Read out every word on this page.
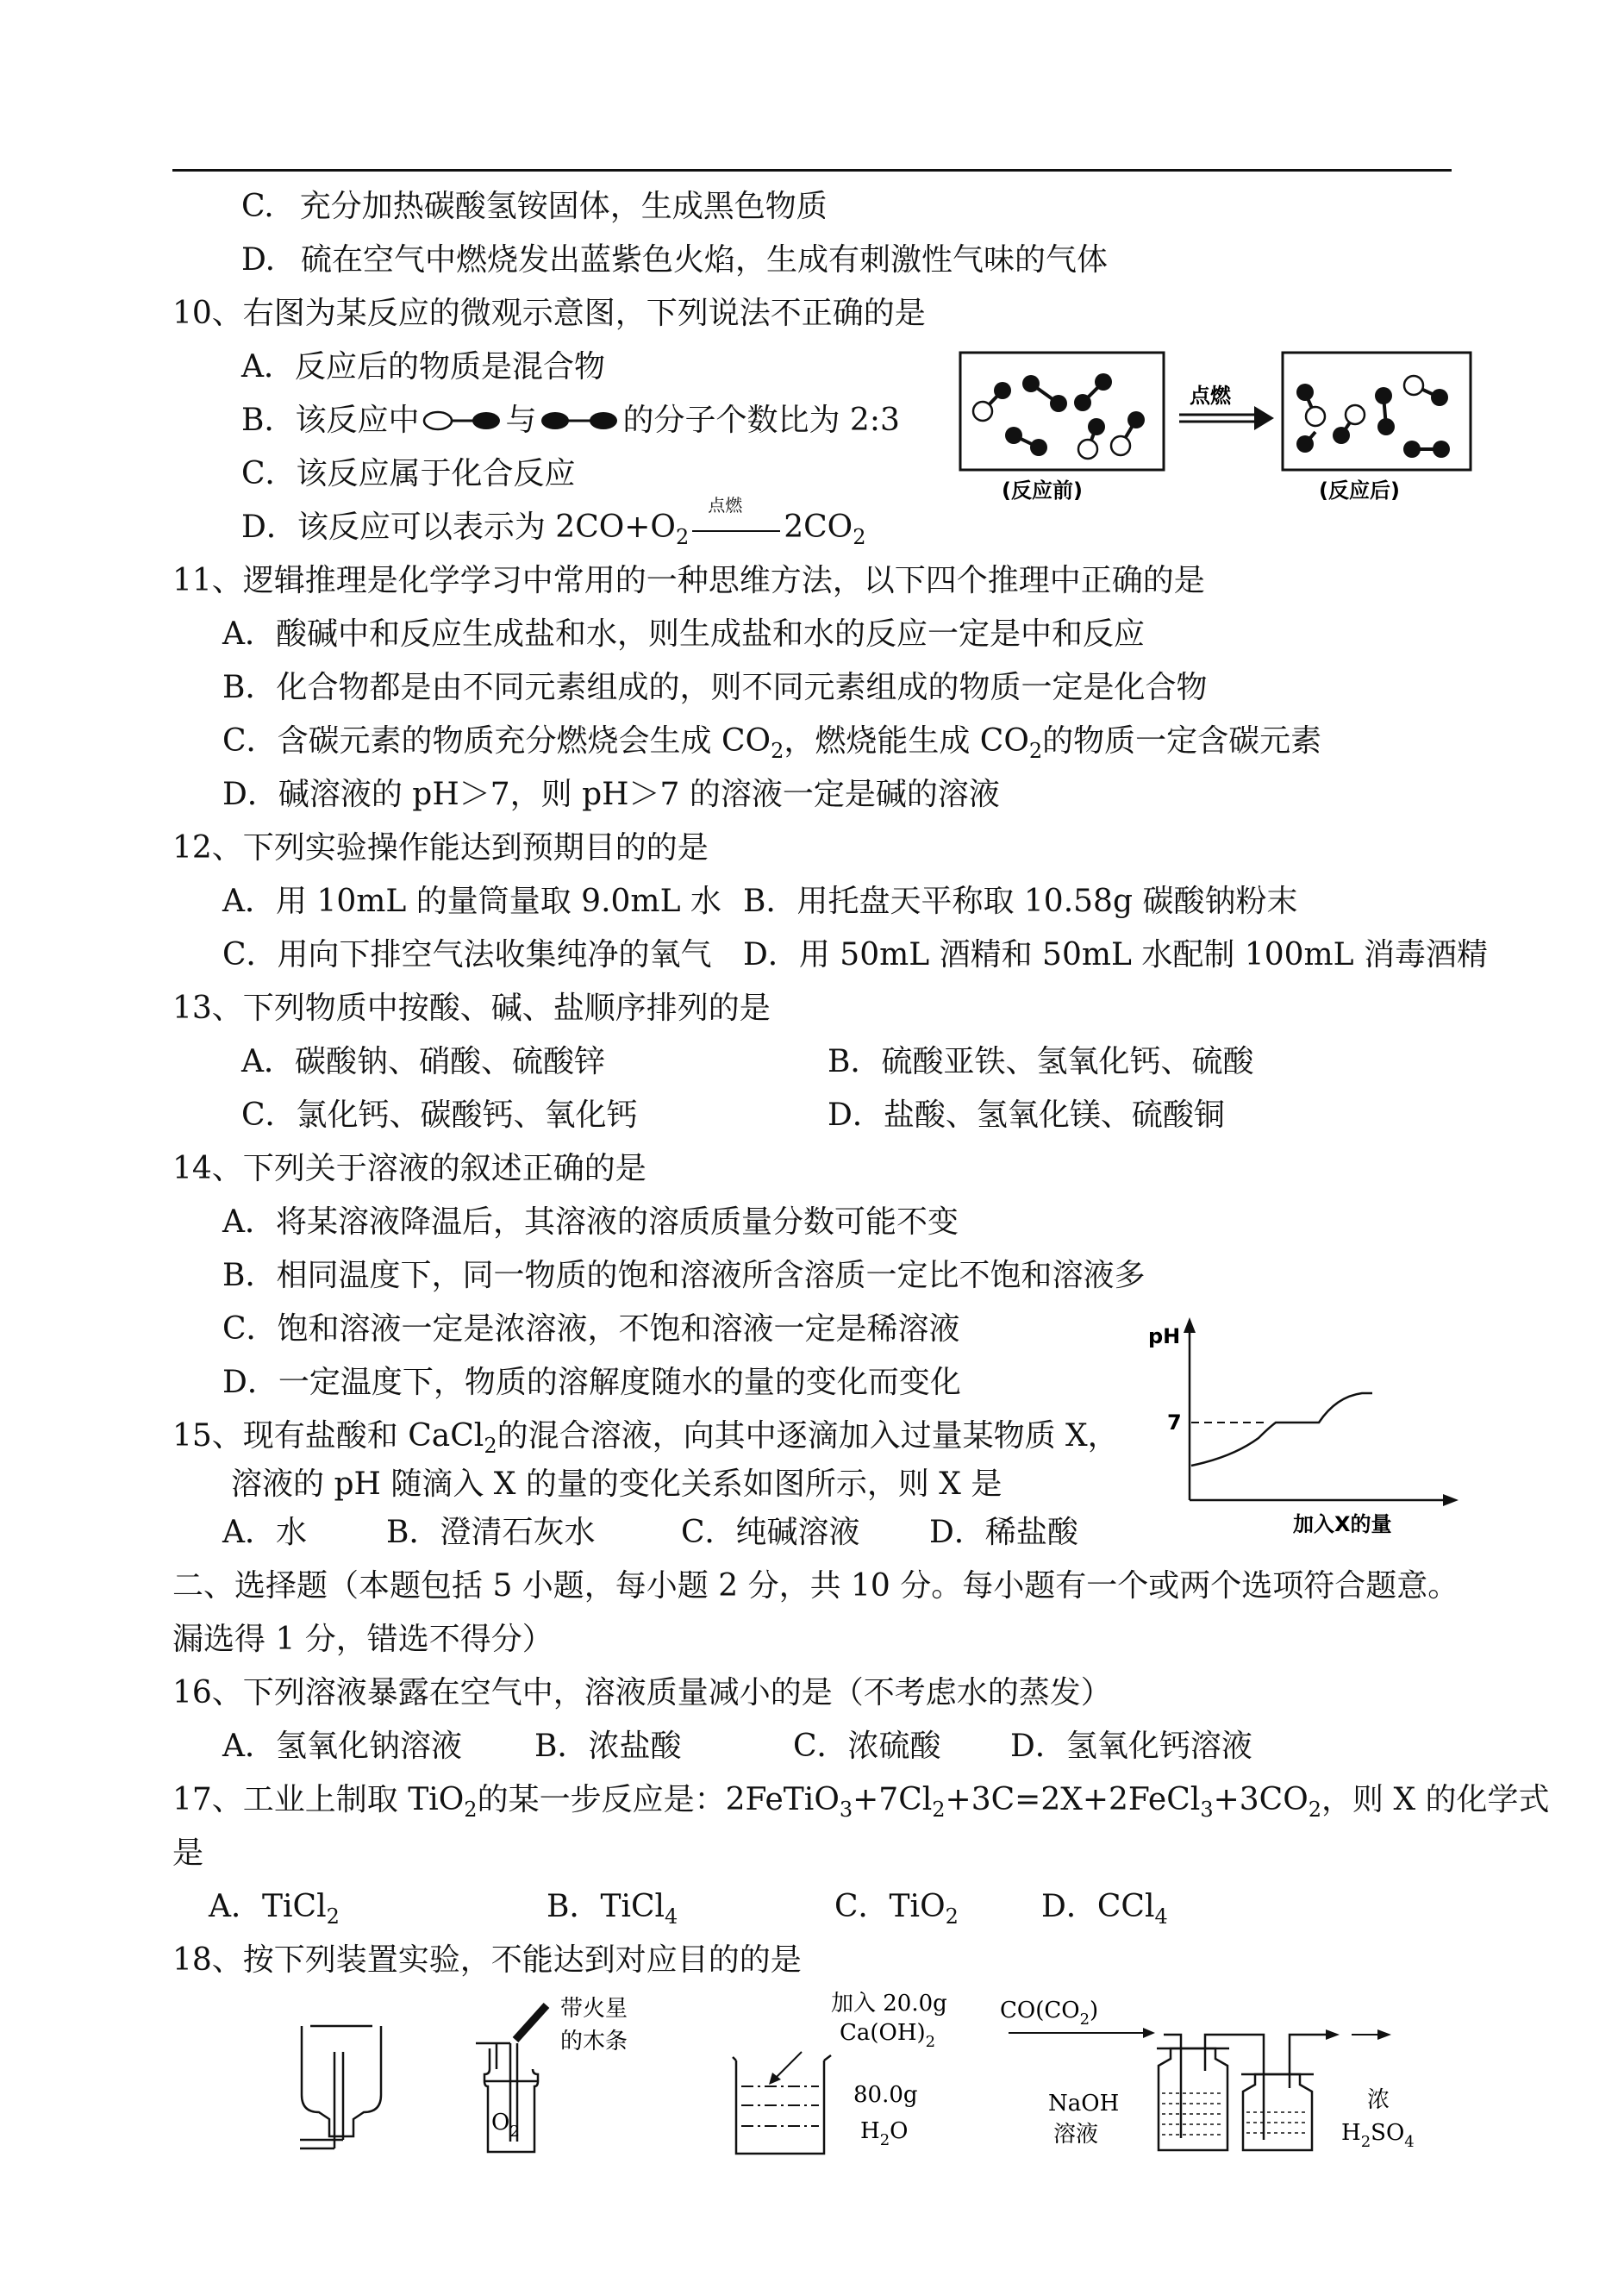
C. 充分加热碳酸氢铵固体，生成黑色物质
D. 硫在空气中燃烧发出蓝紫色火焰，生成有刺激性气味的气体
10、右图为某反应的微观示意图，下列说法不正确的是
A．反应后的物质是混合物
B．该反应中	与	的分子个数比为 2:3
C．该反应属于化合反应
D．该反应可以表示为 $2CO+O_2$
点燃
$2CO_2$
(反应前)
点燃
(反应后)
11、逻辑推理是化学学习中常用的一种思维方法，以下四个推理中正确的是
A．酸碱中和反应生成盐和水，则生成盐和水的反应一定是中和反应
B．化合物都是由不同元素组成的，则不同元素组成的物质一定是化合物
C．含碳元素的物质充分燃烧会生成 $CO_2$，燃烧能生成 $CO_2$的物质一定含碳元素
D．碱溶液的 pH＞7，则 pH＞7 的溶液一定是碱的溶液
12、下列实验操作能达到预期目的的是
A．用 10mL 的量筒量取 9.0mL 水 B．用托盘天平称取 10.58g 碳酸钠粉末
C．用向下排空气法收集纯净的氧气 D．用 50mL 酒精和 50mL 水配制 100mL 消毒酒精
13、下列物质中按酸、碱、盐顺序排列的是
A．碳酸钠、硝酸、硫酸锌	B．硫酸亚铁、氢氧化钙、硫酸
C．氯化钙、碳酸钙、氧化钙	D．盐酸、氢氧化镁、硫酸铜
14、下列关于溶液的叙述正确的是
A．将某溶液降温后，其溶液的溶质质量分数可能不变
B．相同温度下，同一物质的饱和溶液所含溶质一定比不饱和溶液多
C．饱和溶液一定是浓溶液，不饱和溶液一定是稀溶液
D．一定温度下，物质的溶解度随水的量的变化而变化
15、现有盐酸和 CaCl$_2$的混合溶液，向其中逐滴加入过量某物质 X，
溶液的 pH 随滴入 X 的量的变化关系如图所示，则 X 是
A．水	B．澄清石灰水	C．纯碱溶液 D．稀盐酸
pH
7
加入X的量
二、选择题（本题包括 5 小题，每小题 2 分，共 10 分。每小题有一个或两个选项符合题意。
漏选得 1 分，错选不得分）
16、下列溶液暴露在空气中，溶液质量减小的是（不考虑水的蒸发）
A．氢氧化钠溶液 B．浓盐酸	C．浓硫酸 D．氢氧化钙溶液
17、工业上制取 TiO$_2$的某一步反应是：$2FeTiO_3+7Cl_2+3C=2X+2FeCl_3+3CO_2$，则 X 的化学式
是
A．TiCl$_2$	B．TiCl$_4$	C．TiO$_2$	D．CCl$_4$
18、按下列装置实验，不能达到对应目的的是
$O_2$
带火星
的木条
加入 20.0g
$Ca(OH)_2$
80.0g
$H_2O$
$CO(CO_2)$
NaOH
溶液
浓
$H_2SO_4$
